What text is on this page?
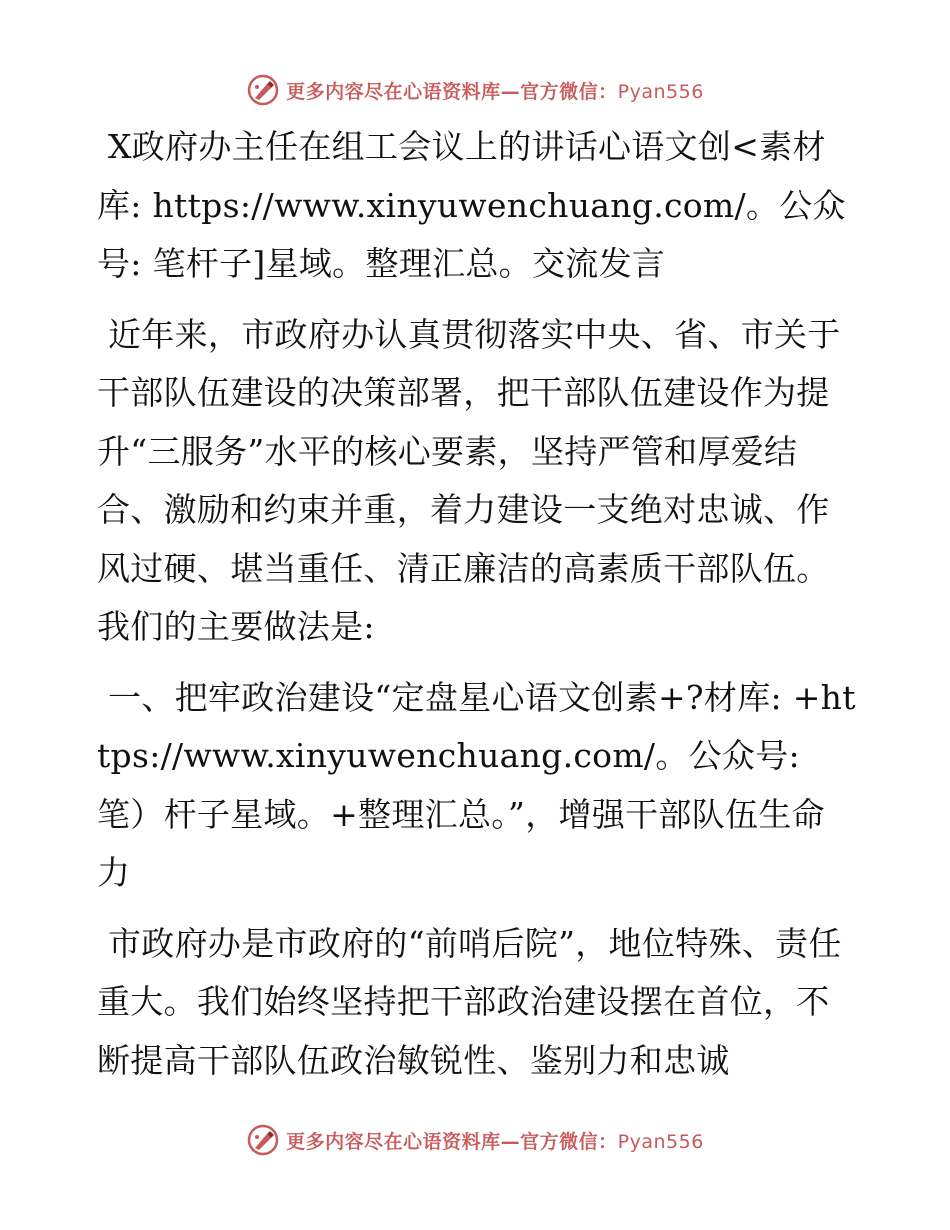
更多内容尽在心语资料库—官方微信：Pyan556

X政府办主任在组工会议上的讲话心语文创<素材库: https://www.xinyuwenchuang.com/。公众号: 笔杆子]星域。整理汇总。交流发言

近年来，市政府办认真贯彻落实中央、省、市关于干部队伍建设的决策部署，把干部队伍建设作为提升“三服务”水平的核心要素，坚持严管和厚爱结合、激励和约束并重，着力建设一支绝对忠诚、作风过硬、堪当重任、清正廉洁的高素质干部队伍。我们的主要做法是:

一、把牢政治建设“定盘星心语文创素+?材库: +https://www.xinyuwenchuang.com/。公众号: 笔）杆子星域。+整理汇总。”，增强干部队伍生命力

市政府办是市政府的“前哨后院”，地位特殊、责任重大。我们始终坚持把干部政治建设摆在首位，不断提高干部队伍政治敏锐性、鉴别力和忠诚

更多内容尽在心语资料库—官方微信：Pyan556
